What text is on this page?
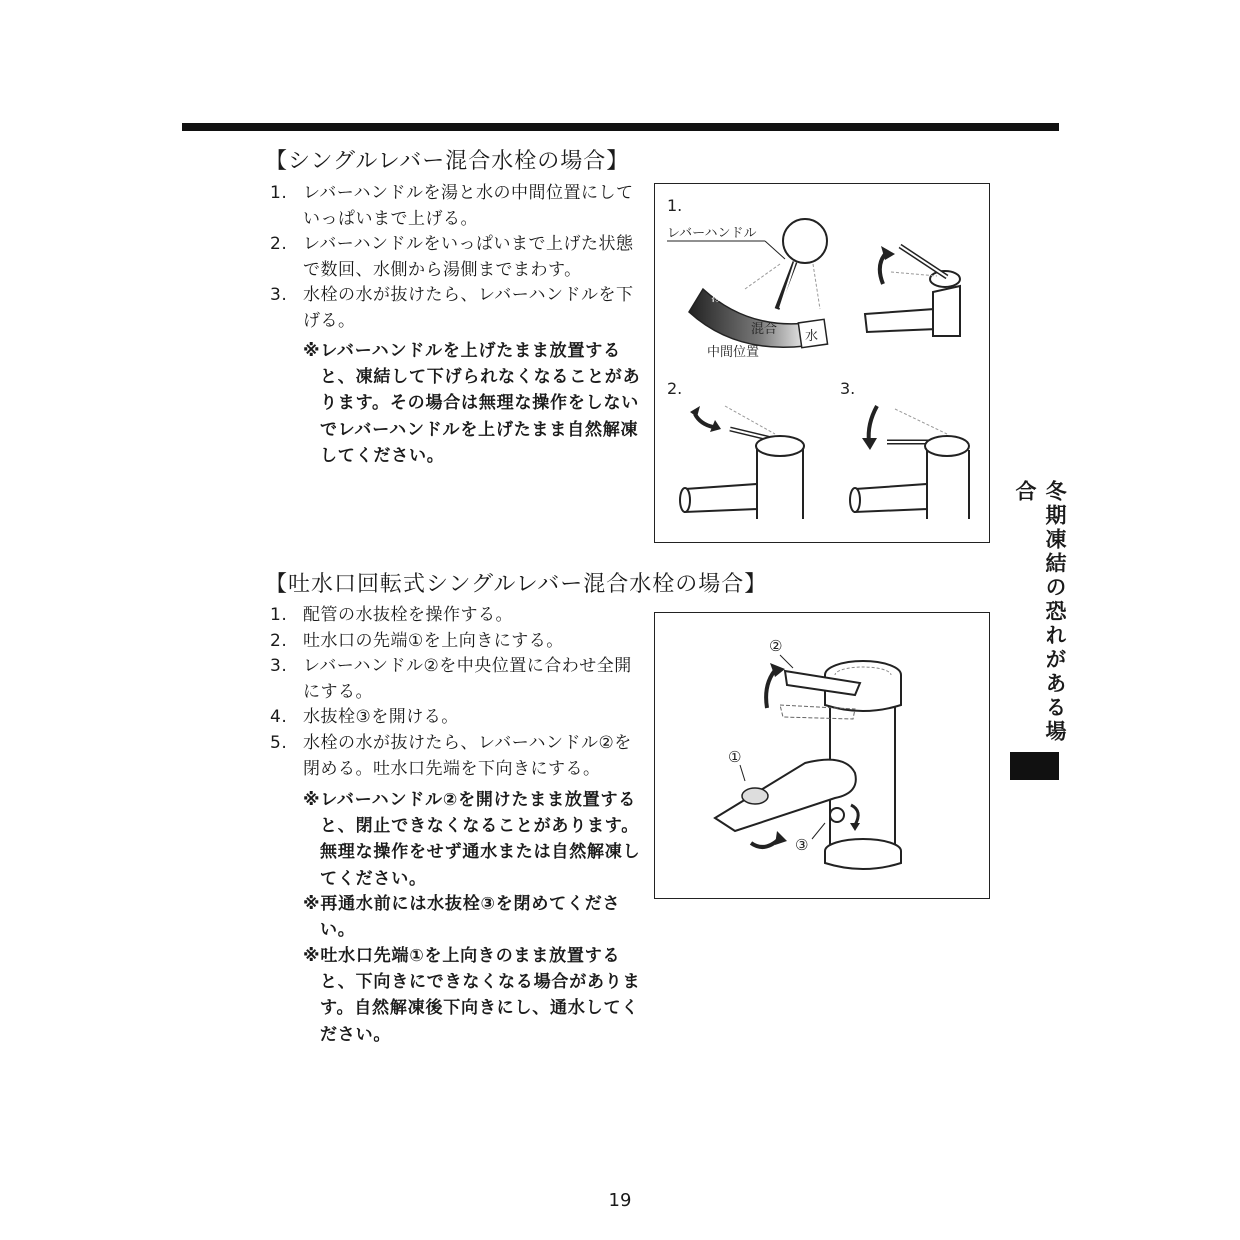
【シングルレバー混合水栓の場合】
1. レバーハンドルを湯と水の中間位置にしていっぱいまで上げる。
2. レバーハンドルをいっぱいまで上げた状態で数回、水側から湯側までまわす。
3. 水栓の水が抜けたら、レバーハンドルを下げる。

※レバーハンドルを上げたまま放置すると、凍結して下げられなくなることがあります。その場合は無理な操作をしないでレバーハンドルを上げたまま自然解凍してください。

1.
レバーハンドル
湯
混合 水
中間位置
2.	3.
【吐水口回転式シングルレバー混合水栓の場合】
1. 配管の水抜栓を操作する。
2. 吐水口の先端①を上向きにする。
3. レバーハンドル②を中央位置に合わせ全開にする。
4. 水抜栓③を開ける。
5. 水栓の水が抜けたら、レバーハンドル②を閉める。吐水口先端を下向きにする。

※レバーハンドル②を開けたまま放置すると、閉止できなくなることがあります。無理な操作をせず通水または自然解凍してください。

※再通水前には水抜栓③を閉めてください。

※吐水口先端①を上向きのまま放置すると、下向きにできなくなる場合があります。自然解凍後下向きにし、通水してください。

②
①
③
冬期凍結の恐れがある場合
19
